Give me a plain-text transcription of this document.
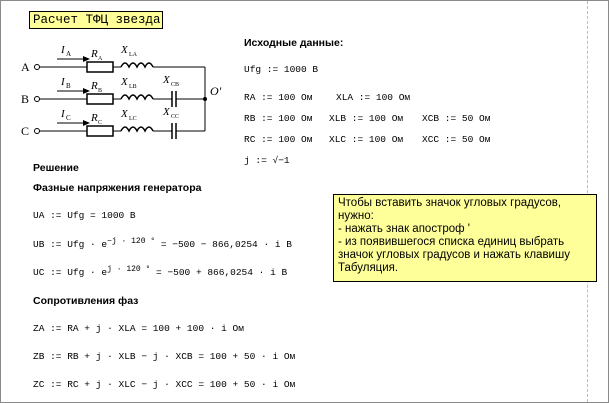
Расчет ТФЦ звезда
A
B
C
I A
I B
I C
R A
R B
R C
X LA
X LB
X LC
X CB
X CC
O'
Исходные данные:
Ufg := 1000 В
RA := 100 Ом XLA := 100 Ом
RB := 100 Ом XLB := 100 Ом XCB := 50 Ом
RC := 100 Ом XLC := 100 Ом XCC := 50 Ом
j := √−1
Решение
Фазные напряжения генератора
UA := Ufg = 1000 В
UB := Ufg · $e^{-j \cdot 120 ^\circ} = -500 - 866,0254 \cdot i$ В
UC := Ufg · $e^{j \cdot 120 ^\circ} = -500 + 866,0254 \cdot i$ В
Сопротивления фаз
ZA := RA + j · XLA = 100 + 100 · i Ом
ZB := RB + j · XLB − j · XCB = 100 + 50 · i Ом
ZC := RC + j · XLC − j · XCC = 100 + 50 · i Ом
Чтобы вставить значок угловых градусов,
нужно:
- нажать знак апостроф '
- из появившегося списка единиц выбрать
значок угловых градусов и нажать клавишу
Табуляция.
